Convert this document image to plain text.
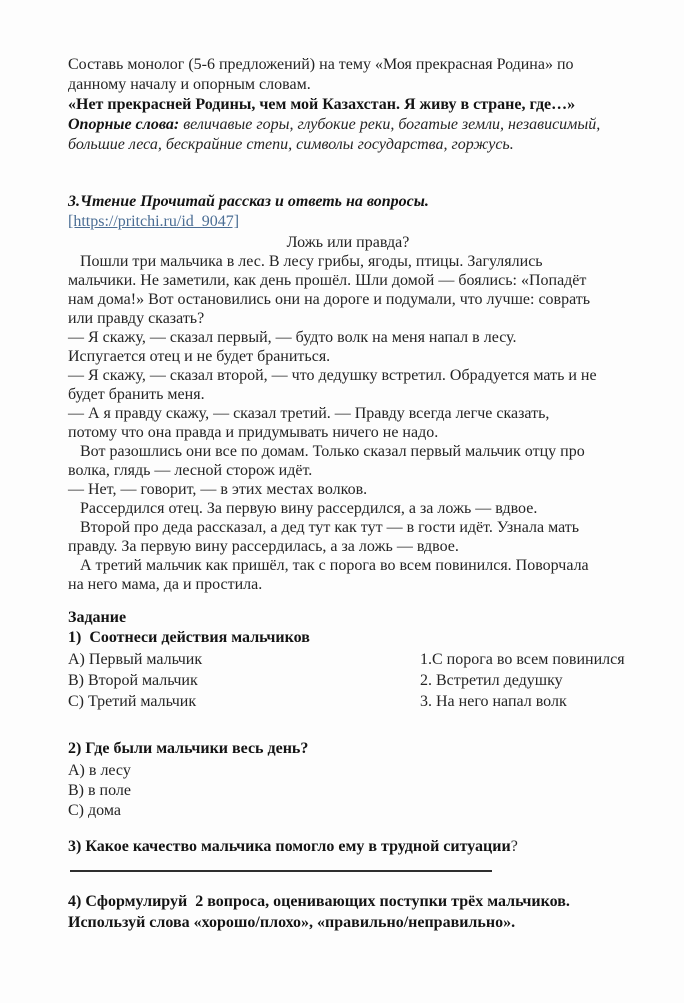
Составь монолог (5-6 предложений) на тему «Моя прекрасная Родина» по
данному началу и опорным словам.
«Нет прекрасней Родины, чем мой Казахстан. Я живу в стране, где…»
Опорные слова: величавые горы, глубокие реки, богатые земли, независимый,
большие леса, бескрайние степи, символы государства, горжусь.
3.Чтение Прочитай рассказ и ответь на вопросы.
[https://pritchi.ru/id_9047]
Ложь или правда?
Пошли три мальчика в лес. В лесу грибы, ягоды, птицы. Загулялись
мальчики. Не заметили, как день прошёл. Шли домой — боялись: «Попадёт
нам дома!» Вот остановились они на дороге и подумали, что лучше: соврать
или правду сказать?
— Я скажу, — сказал первый, — будто волк на меня напал в лесу.
Испугается отец и не будет браниться.
— Я скажу, — сказал второй, — что дедушку встретил. Обрадуется мать и не
будет бранить меня.
— А я правду скажу, — сказал третий. — Правду всегда легче сказать,
потому что она правда и придумывать ничего не надо.
Вот разошлись они все по домам. Только сказал первый мальчик отцу про
волка, глядь — лесной сторож идёт.
— Нет, — говорит, — в этих местах волков.
Рассердился отец. За первую вину рассердился, а за ложь — вдвое.
Второй про деда рассказал, а дед тут как тут — в гости идёт. Узнала мать
правду. За первую вину рассердилась, а за ложь — вдвое.
А третий мальчик как пришёл, так с порога во всем повинился. Поворчала
на него мама, да и простила.
Задание
1)  Соотнеси действия мальчиков
А) Первый мальчик	1.С порога во всем повинился
В) Второй мальчик	2. Встретил дедушку
С) Третий мальчик	3. На него напал волк
2) Где были мальчики весь день?
А) в лесу
В) в поле
С) дома
3) Какое качество мальчика помогло ему в трудной ситуации?
4) Сформулируй  2 вопроса, оценивающих поступки трёх мальчиков.
Используй слова «хорошо/плохо», «правильно/неправильно».
